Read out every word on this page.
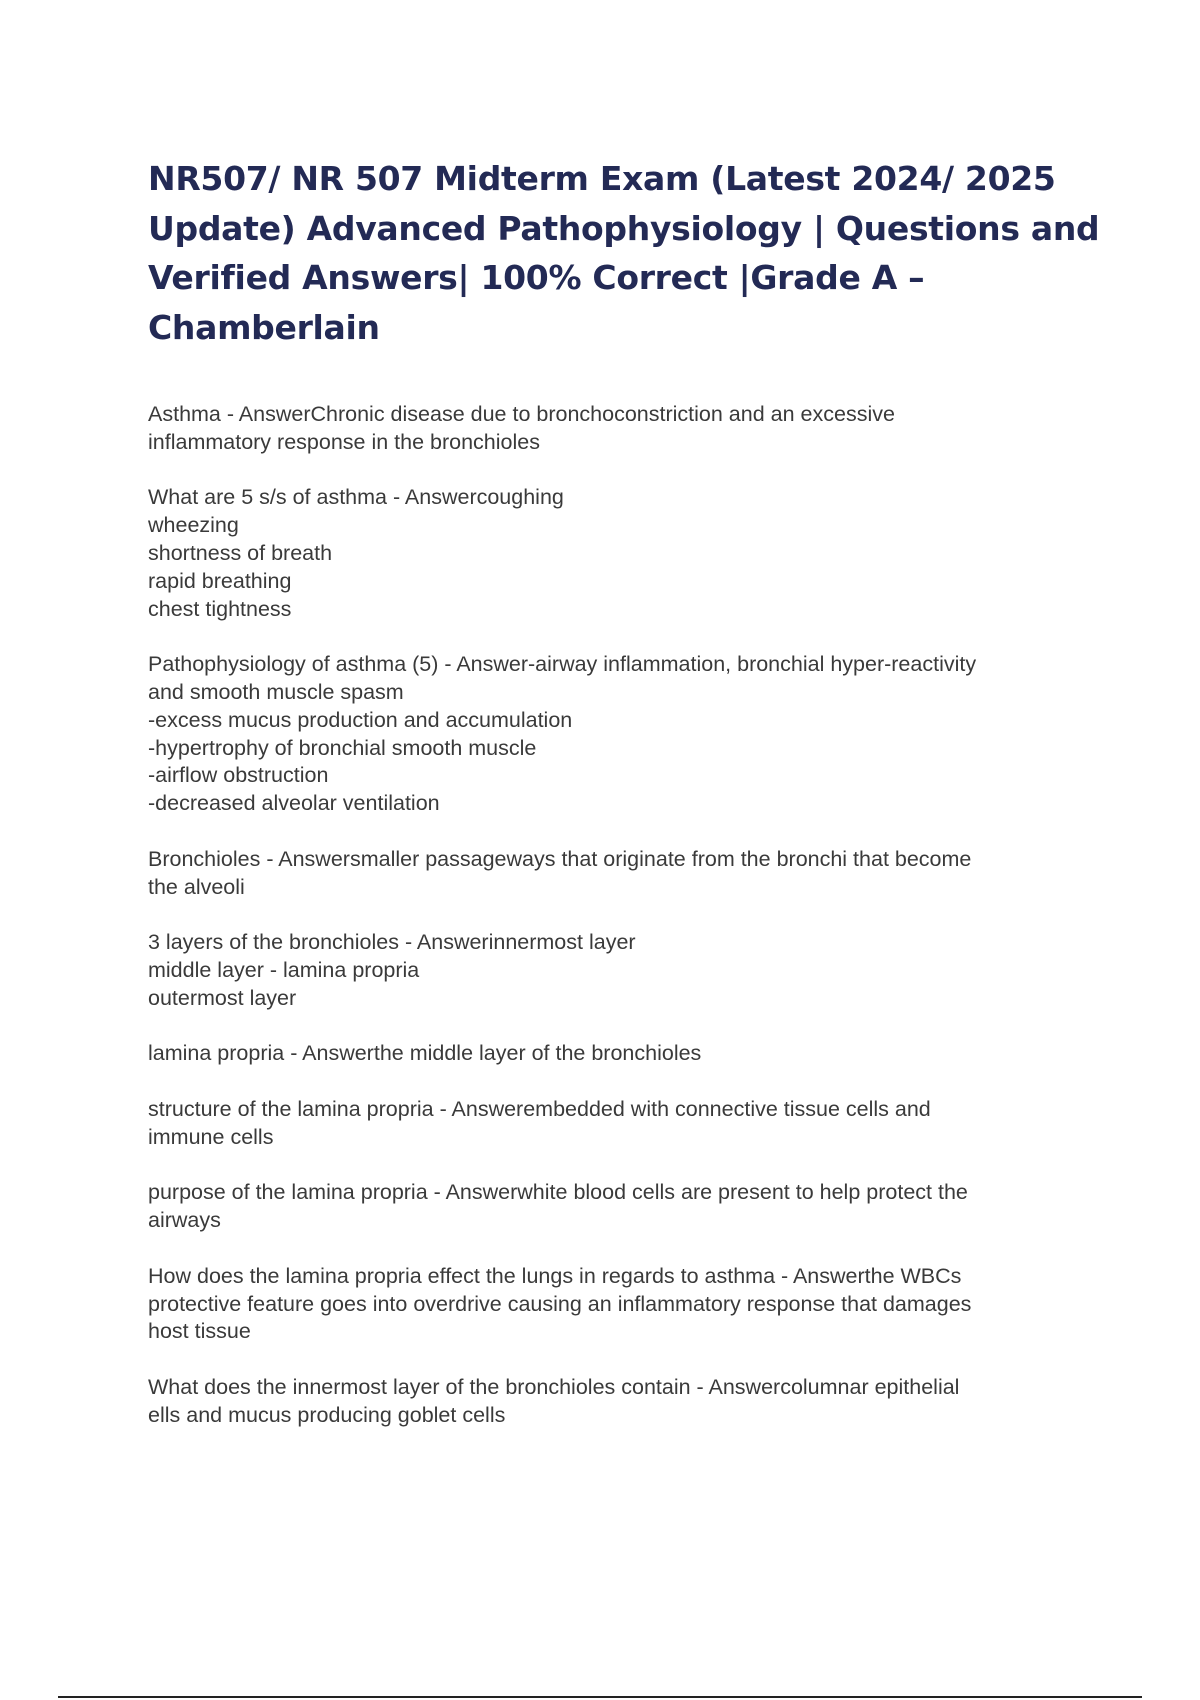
NR507/ NR 507 Midterm Exam (Latest 2024/ 2025
Update) Advanced Pathophysiology | Questions and
Verified Answers| 100% Correct |Grade A –
Chamberlain
Asthma - AnswerChronic disease due to bronchoconstriction and an excessive
inflammatory response in the bronchioles
What are 5 s/s of asthma - Answercoughing
wheezing
shortness of breath
rapid breathing
chest tightness
Pathophysiology of asthma (5) - Answer-airway inflammation, bronchial hyper-reactivity
and smooth muscle spasm
-excess mucus production and accumulation
-hypertrophy of bronchial smooth muscle
-airflow obstruction
-decreased alveolar ventilation
Bronchioles - Answersmaller passageways that originate from the bronchi that become
the alveoli
3 layers of the bronchioles - Answerinnermost layer
middle layer - lamina propria
outermost layer
lamina propria - Answerthe middle layer of the bronchioles
structure of the lamina propria - Answerembedded with connective tissue cells and
immune cells
purpose of the lamina propria - Answerwhite blood cells are present to help protect the
airways
How does the lamina propria effect the lungs in regards to asthma - Answerthe WBCs
protective feature goes into overdrive causing an inflammatory response that damages
host tissue
What does the innermost layer of the bronchioles contain - Answercolumnar epithelial
ells and mucus producing goblet cells
